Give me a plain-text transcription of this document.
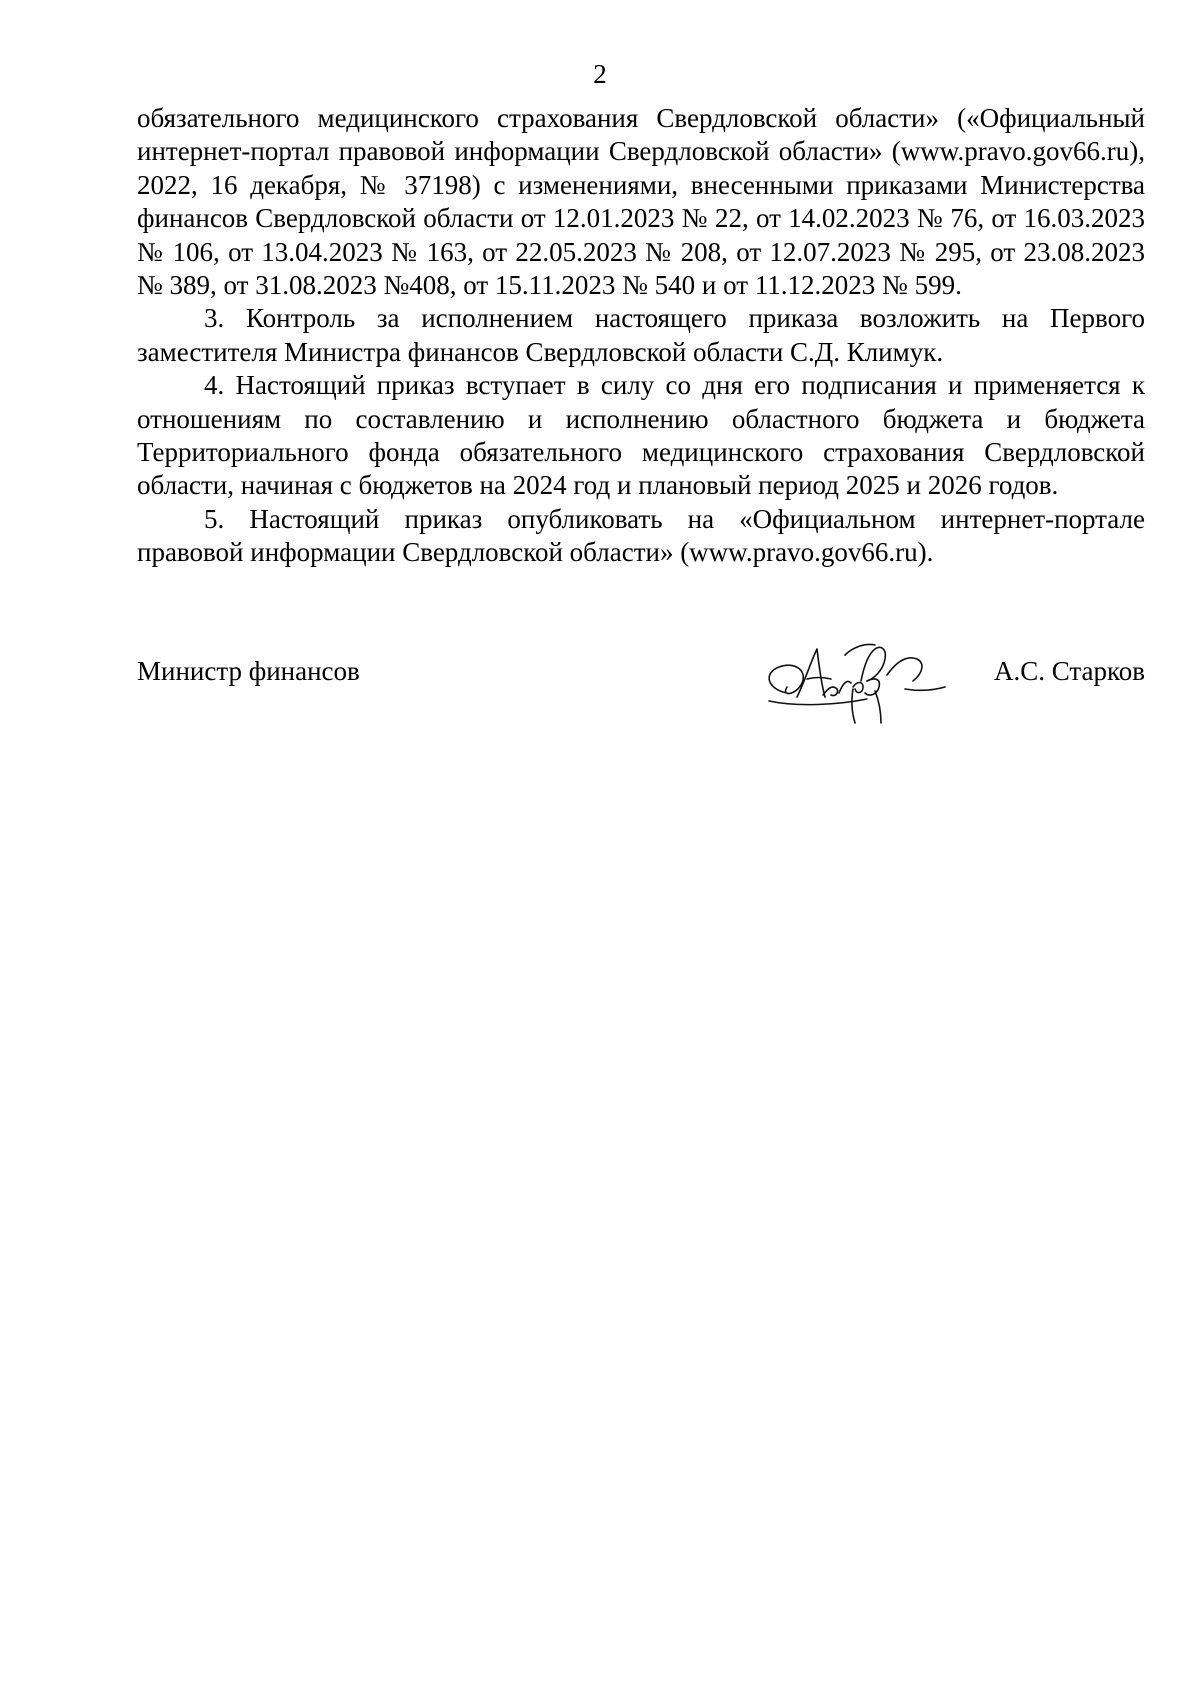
2

обязательного медицинского страхования Свердловской области» («Официальный интернет-портал правовой информации Свердловской области» (www.pravo.gov66.ru), 2022, 16 декабря, № 37198) с изменениями, внесенными приказами Министерства финансов Свердловской области от 12.01.2023 № 22, от 14.02.2023 № 76, от 16.03.2023 № 106, от 13.04.2023 № 163, от 22.05.2023 № 208, от 12.07.2023 № 295, от 23.08.2023 № 389, от 31.08.2023 №408, от 15.11.2023 № 540 и от 11.12.2023 № 599.

3. Контроль за исполнением настоящего приказа возложить на Первого заместителя Министра финансов Свердловской области С.Д. Климук.

4. Настоящий приказ вступает в силу со дня его подписания и применяется к отношениям по составлению и исполнению областного бюджета и бюджета Территориального фонда обязательного медицинского страхования Свердловской области, начиная с бюджетов на 2024 год и плановый период 2025 и 2026 годов.

5. Настоящий приказ опубликовать на «Официальном интернет-портале правовой информации Свердловской области» (www.pravo.gov66.ru).

Министр финансов	А.С. Старков
